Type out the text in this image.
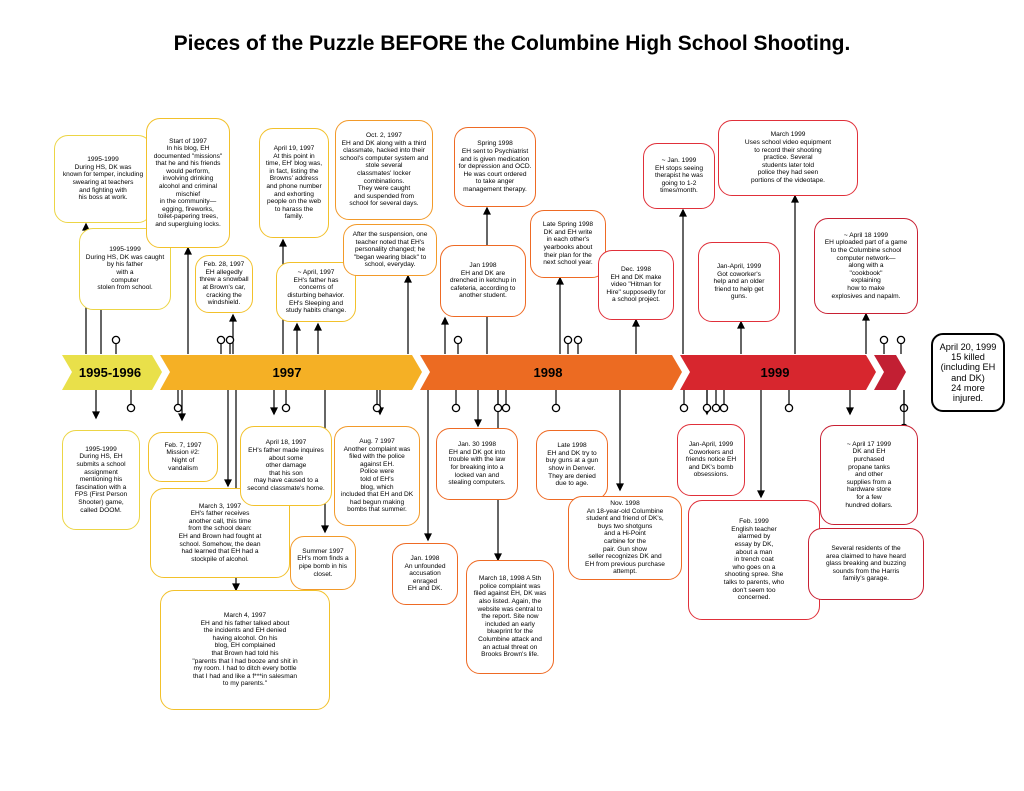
Pieces of the Puzzle BEFORE the Columbine High School Shooting.
1995-1996	1997	1998	1999
1995-1999
During HS, DK was
known for temper, including
swearing at teachers
and fighting with
his boss at work.
1995-1999
During HS, DK was caught
by his father
with a
computer
stolen from school.
Start of 1997
In his blog, EH
documented "missions"
that he and his friends
would perform,
involving drinking
alcohol and criminal mischief
in the community—
egging, fireworks,
toilet-papering trees,
and supergluing locks.
Feb. 28, 1997
EH allegedly
threw a snowball
at Brown's car,
cracking the
windshield.
April 19, 1997
At this point in
time, EH' blog was,
in fact, listing the
Browns' address
and phone number
and exhorting
people on the web
to harass the
family.
~ April, 1997
EH's father has
concerns of
disturbing behavior.
EH's Sleeping and
study habits change.
Oct. 2, 1997
EH and DK along with a third
classmate, hacked into their
school's computer system and
stole several
classmates' locker
combinations.
They were caught
and suspended from
school for several days.
After the suspension, one
teacher noted that EH's
personality changed; he
"began wearing black" to
school, everyday.
Spring 1998
EH sent to Psychiatrist
and is given medication
for depression and OCD.
He was court ordered
to take anger
management therapy.
Jan 1998
EH and DK are
drenched in ketchup in
cafeteria, according to
another student.
Late Spring 1998
DK and EH write
in each other's
yearbooks about
their plan for the
next school year.
Dec. 1998
EH and DK make
video "Hitman for
Hire" supposedly for
a school project.
~ Jan. 1999
EH stops seeing
therapist he was
going to 1-2
times/month.
March 1999
Uses school video equipment
to record their shooting
practice. Several
students later told
police they had seen
portions of the videotape.
Jan-April, 1999
Got coworker's
help and an older
friend to help get
guns.
~ April 18 1999
EH uploaded part of a game
to the Columbine school
computer network—
along with a
"cookbook"
explaining
how to make
explosives and napalm.
1995-1999
During HS, EH
submits a school
assignment
mentioning his
fascination with a
FPS (First Person
Shooter) game,
called DOOM.
Feb. 7, 1997
Mission #2:
Night of
vandalism
March 3, 1997
EH's father receives
another call, this time
from the school dean:
EH and Brown had fought at
school. Somehow, the dean
had learned that EH had a
stockpile of alcohol.
March 4, 1997
EH and his father talked about
the incidents and EH denied
having alcohol. On his
blog, EH complained
that Brown had told his
"parents that I had booze and shit in
my room. I had to ditch every bottle
that I had and like a f***in salesman
to my parents."
April 18, 1997
EH's father made inquires
about some
other damage
that his son
may have caused to a
second classmate's home.
Summer 1997
EH's mom finds a
pipe bomb in his
closet.
Aug. 7 1997
Another complaint was
filed with the police
against EH.
Police were
told of EH's
blog, which
included that EH and DK
had begun making
bombs that summer.
Jan. 30 1998
EH and DK got into
trouble with the law
for breaking into a
locked van and
stealing computers.
Jan. 1998
An unfounded
accusation
enraged
EH and DK.
March 18, 1998 A 5th
police complaint was
filed against EH, DK was
also listed. Again, the
website was central to
the report. Site now
included an early
blueprint for the
Columbine attack and
an actual threat on
Brooks Brown's life.
Late 1998
EH and DK try to
buy guns at a gun
show in Denver.
They are denied
due to age.
Nov. 1998
An 18-year-old Columbine
student and friend of DK's,
buys two shotguns
and a Hi-Point
carbine for the
pair. Gun show
seller recognizes DK and
EH from previous purchase
attempt.
Jan-April, 1999
Coworkers and
friends notice EH
and DK's bomb
obsessions.
Feb. 1999
English teacher
alarmed by
essay by DK,
about a man
in trench coat
who goes on a
shooting spree. She
talks to parents, who
don't seem too
concerned.
~ April 17 1999
DK and EH
purchased
propane tanks
and other
supplies from a
hardware store
for a few
hundred dollars.
Several residents of the
area claimed to have heard
glass breaking and buzzing
sounds from the Harris
family's garage.
April 20, 1999
15 killed
(including EH
and DK)
24 more
injured.
